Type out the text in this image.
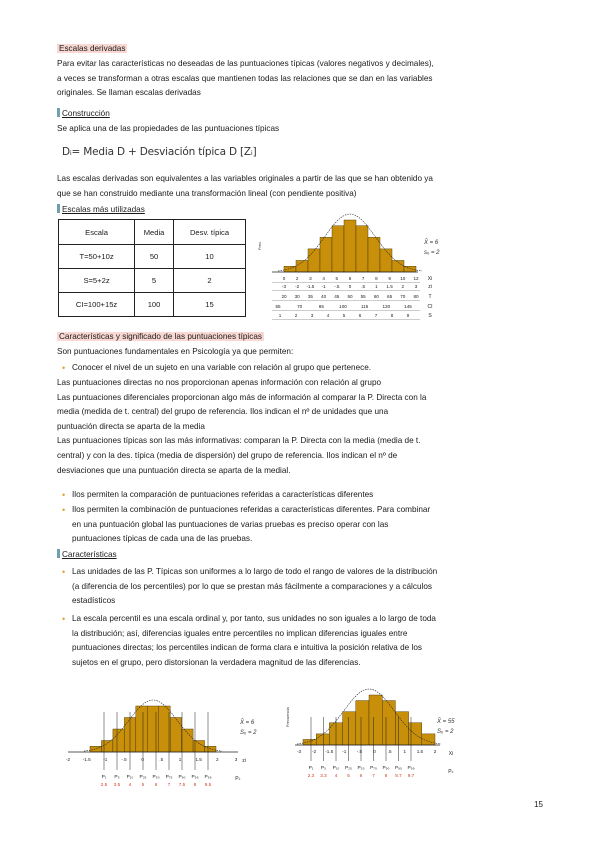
Escalas derivadas
Para evitar las características no deseadas de las puntuaciones típicas (valores negativos y decimales),
a veces se transforman a otras escalas que mantienen todas las relaciones que se dan en las variables
originales. Se llaman escalas derivadas
Construcción
Se aplica una de las propiedades de las puntuaciones típicas
Dᵢ= Media D + Desviación típica D [Zᵢ]
Las escalas derivadas son equivalentes a las variables originales a partir de las que se han obtenido ya
que se han construido mediante una transformación lineal (con pendiente positiva)
Escalas más utilizadas
Escala	Media	Desv. típica
T=50+10z	50	10
S=5+2z	5	2
CI=100+15z	100	15
Frec.
0 2 3 4 5 6 7 8 9 10 12 Xi
-3 -2 -1.5 -1 -.5 0 .5 1 1.5 2 3 zi
20 30 35 40 45 50 55 60 65 70 80 T
55	70	85	100	115	130	145	CI
1	2	3	4	5	6	7	8	9	S
X̄ = 6
sₓ = 2
Características y significado de las puntuaciones típicas
Son puntuaciones fundamentales en Psicología ya que permiten:
• Conocer el nivel de un sujeto en una variable con relación al grupo que pertenece.
Las puntuaciones directas no nos proporcionan apenas información con relación al grupo
Las puntuaciones diferenciales proporcionan algo más de información al comparar la P. Directa con la
media (medida de t. central) del grupo de referencia. Ilos indican el nº de unidades que una
puntuación directa se aparta de la media
Las puntuaciones típicas son las más informativas: comparan la P. Directa con la media (media de t.
central) y con la des. típica (media de dispersión) del grupo de referencia. Ilos indican el nº de
desviaciones que una puntuación directa se aparta de la medial.
• Ilos permiten la comparación de puntuaciones referidas a características diferentes
• Ilos permiten la combinación de puntuaciones referidas a características diferentes. Para combinar
en una puntuación global las puntuaciones de varias pruebas es preciso operar con las
puntuaciones típicas de cada una de las pruebas.
Características
• Las unidades de las P. Típicas son uniformes a lo largo de todo el rango de valores de la distribución
(a diferencia de los percentiles) por lo que se prestan más fácilmente a comparaciones y a cálculos
estadísticos
• La escala percentil es una escala ordinal y, por tanto, sus unidades no son iguales a lo largo de toda
la distribución; así, diferencias iguales entre percentiles no implican diferencias iguales entre
puntuaciones directas; los percentiles indican de forma clara e intuitiva la posición relativa de los
sujetos en el grupo, pero distorsionan la verdadera magnitud de las diferencias.
-2	-1.5	-1	-.5	0	.5	1	1.5	2	3 zi
P₁ P₅ P₁₀ P₂₅ P₅₀ P₇₅ P₉₀ P₉₅ P₉₉
2.5 3.5 4 5 6 7 7.5 8 9.5
Pₖ
X̄ = 6
Sₓ = 2
Frecuencia
-3 -2 -1.5 -1 -.5 0	.5	1 1.5 2 Xi
P₁ P₅ P₁₀ P₂₅ P₅₀ P₇₅ P₉₀ P₉₅ P₉₉
2.3 3.3 4 5 6 7 8 8.7 9.7
Pₖ
X̄ = 55
Sₓ = 2
15
